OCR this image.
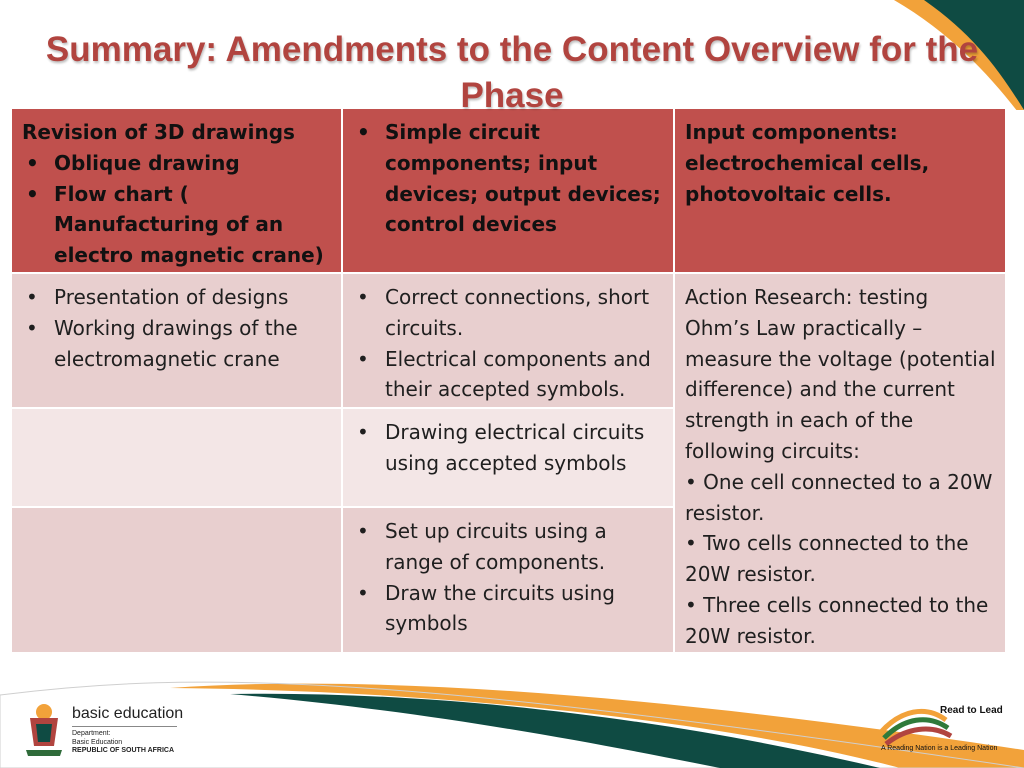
Summary: Amendments to the Content Overview for the Phase
Revision of 3D drawings
• Oblique drawing
• Flow chart ( Manufacturing of an electro magnetic crane)
• Simple circuit components; input devices; output devices; control devices
Input components: electrochemical cells, photovoltaic cells.
• Presentation of designs
• Working drawings of the electromagnetic crane
• Correct connections, short circuits.
• Electrical components and their accepted symbols.
Action Research: testing Ohm’s Law practically – measure the voltage (potential difference) and the current strength in each of the following circuits:
• One cell connected to a 20W resistor.
• Two cells connected to the 20W resistor.
• Three cells connected to the 20W resistor.
• Drawing electrical circuits using accepted symbols
• Set up circuits using a range of components.
• Draw the circuits using symbols
basic education
Department:
Basic Education
REPUBLIC OF SOUTH AFRICA
Read to Lead
A Reading Nation is a Leading Nation
